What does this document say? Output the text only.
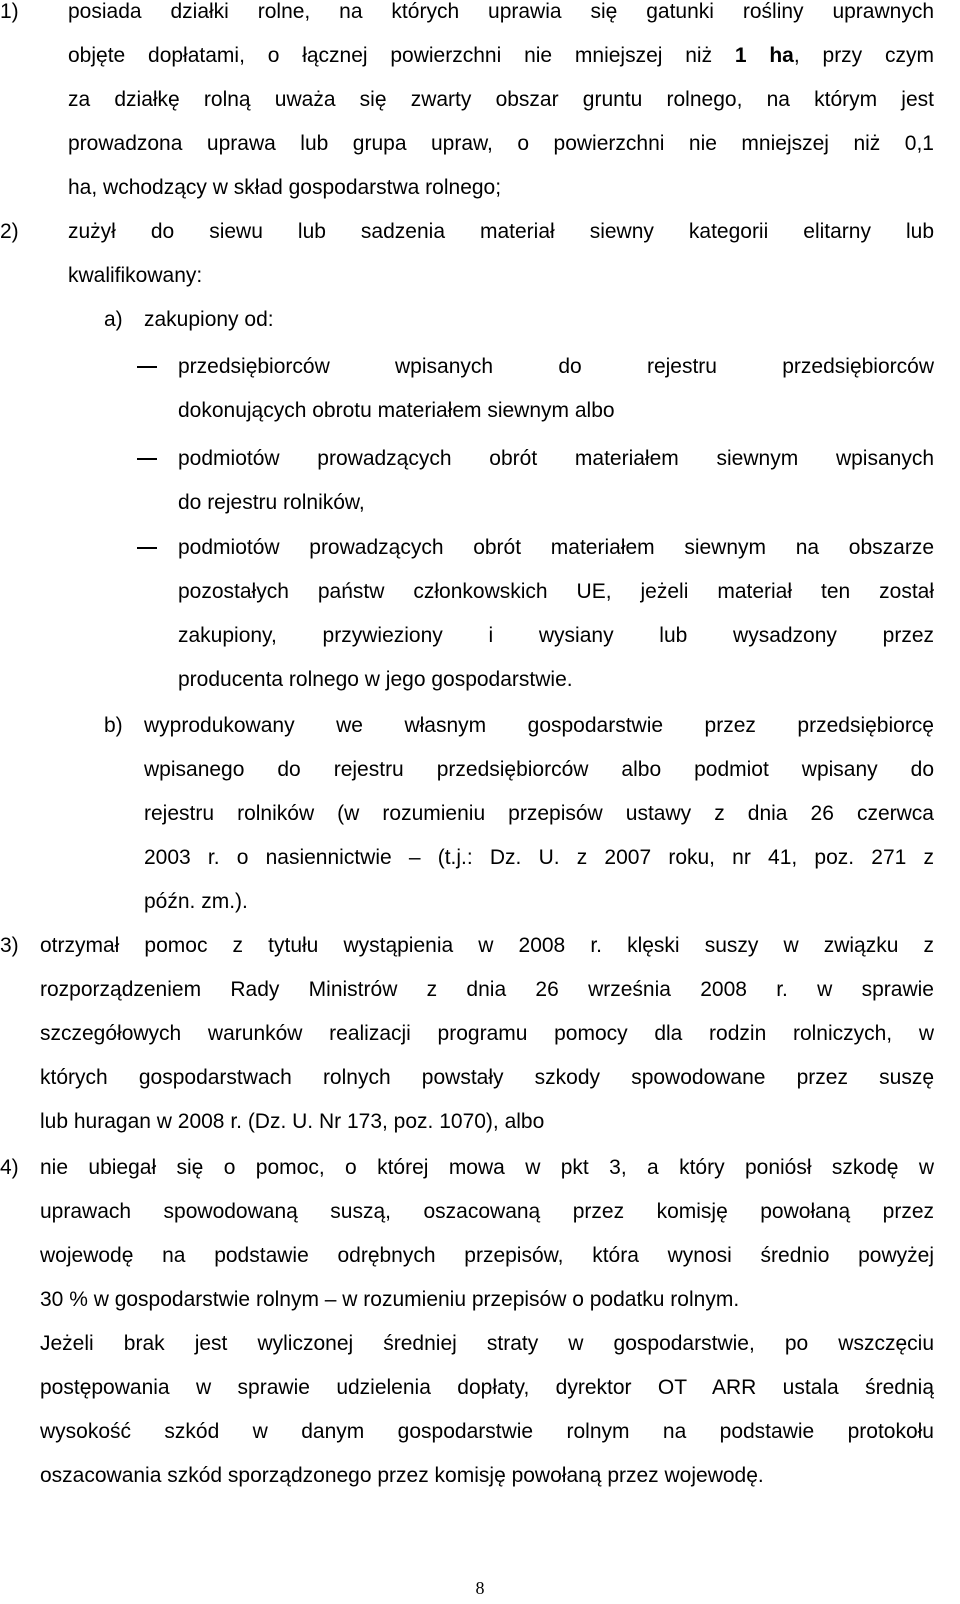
1) posiada działki rolne, na których uprawia się gatunki rośliny uprawnych
objęte dopłatami, o łącznej powierzchni nie mniejszej niż 1 ha, przy czym
za działkę rolną uważa się zwarty obszar gruntu rolnego, na którym jest
prowadzona uprawa lub grupa upraw, o powierzchni nie mniejszej niż 0,1
ha, wchodzący w skład gospodarstwa rolnego;
2) zużył do siewu lub sadzenia materiał siewny kategorii elitarny lub
kwalifikowany:
a) zakupiony od:
przedsiębiorców wpisanych do rejestru przedsiębiorców
dokonujących obrotu materiałem siewnym albo
podmiotów prowadzących obrót materiałem siewnym wpisanych
do rejestru rolników,
podmiotów prowadzących obrót materiałem siewnym na obszarze
pozostałych państw członkowskich UE, jeżeli materiał ten został
zakupiony, przywieziony i wysiany lub wysadzony przez
producenta rolnego w jego gospodarstwie.
b) wyprodukowany we własnym gospodarstwie przez przedsiębiorcę
wpisanego do rejestru przedsiębiorców albo podmiot wpisany do
rejestru rolników (w rozumieniu przepisów ustawy z dnia 26 czerwca
2003 r. o nasiennictwie – (t.j.: Dz. U. z 2007 roku, nr 41, poz. 271 z
późn. zm.).
3) otrzymał pomoc z tytułu wystąpienia w 2008 r. klęski suszy w związku z
rozporządzeniem Rady Ministrów z dnia 26 września 2008 r. w sprawie
szczegółowych warunków realizacji programu pomocy dla rodzin rolniczych, w
których gospodarstwach rolnych powstały szkody spowodowane przez suszę
lub huragan w 2008 r. (Dz. U. Nr 173, poz. 1070), albo
4) nie ubiegał się o pomoc, o której mowa w pkt 3, a który poniósł szkodę w
uprawach spowodowaną suszą, oszacowaną przez komisję powołaną przez
wojewodę na podstawie odrębnych przepisów, która wynosi średnio powyżej
30 % w gospodarstwie rolnym – w rozumieniu przepisów o podatku rolnym.
Jeżeli brak jest wyliczonej średniej straty w gospodarstwie, po wszczęciu
postępowania w sprawie udzielenia dopłaty, dyrektor OT ARR ustala średnią
wysokość szkód w danym gospodarstwie rolnym na podstawie protokołu
oszacowania szkód sporządzonego przez komisję powołaną przez wojewodę.
8
